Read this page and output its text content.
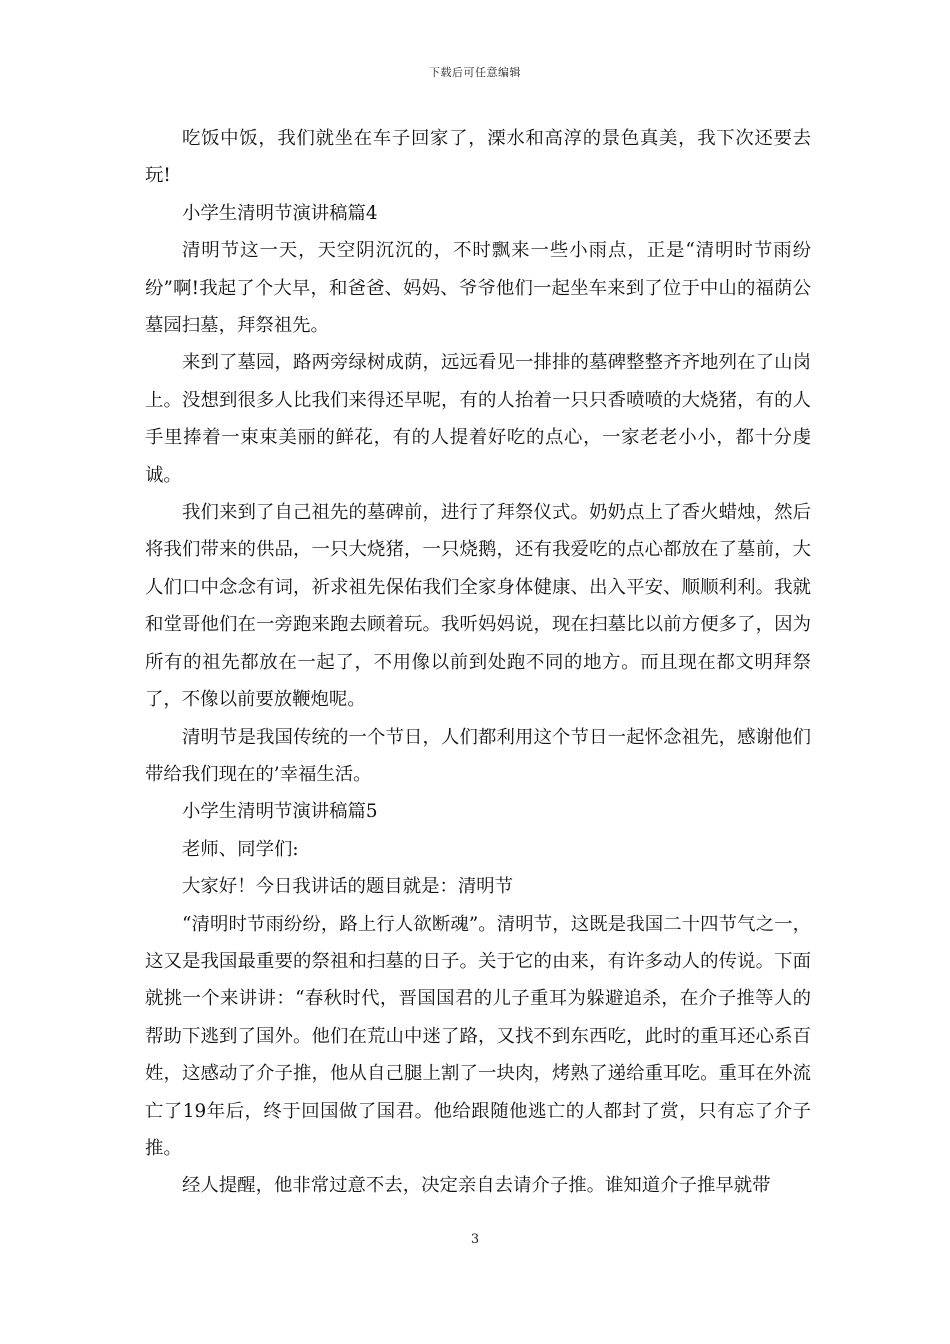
下载后可任意编辑

吃饭中饭，我们就坐在车子回家了，溧水和高淳的景色真美，我下次还要去玩!

小学生清明节演讲稿篇4

清明节这一天，天空阴沉沉的，不时飘来一些小雨点，正是“清明时节雨纷纷”啊!我起了个大早，和爸爸、妈妈、爷爷他们一起坐车来到了位于中山的福荫公墓园扫墓，拜祭祖先。

来到了墓园，路两旁绿树成荫，远远看见一排排的墓碑整整齐齐地列在了山岗上。没想到很多人比我们来得还早呢，有的人抬着一只只香喷喷的大烧猪，有的人手里捧着一束束美丽的鲜花，有的人提着好吃的点心，一家老老小小，都十分虔诚。

我们来到了自己祖先的墓碑前，进行了拜祭仪式。奶奶点上了香火蜡烛，然后将我们带来的供品，一只大烧猪，一只烧鹅，还有我爱吃的点心都放在了墓前，大人们口中念念有词，祈求祖先保佑我们全家身体健康、出入平安、顺顺利利。我就和堂哥他们在一旁跑来跑去顾着玩。我听妈妈说，现在扫墓比以前方便多了，因为所有的祖先都放在一起了，不用像以前到处跑不同的地方。而且现在都文明拜祭了，不像以前要放鞭炮呢。

清明节是我国传统的一个节日，人们都利用这个节日一起怀念祖先，感谢他们带给我们现在的’幸福生活。

小学生清明节演讲稿篇5

老师、同学们:

大家好！今日我讲话的题目就是：清明节

“清明时节雨纷纷，路上行人欲断魂”。清明节，这既是我国二十四节气之一，这又是我国最重要的祭祖和扫墓的日子。关于它的由来，有许多动人的传说。下面就挑一个来讲讲：“春秋时代，晋国国君的儿子重耳为躲避追杀，在介子推等人的帮助下逃到了国外。他们在荒山中迷了路，又找不到东西吃，此时的重耳还心系百姓，这感动了介子推，他从自己腿上割了一块肉，烤熟了递给重耳吃。重耳在外流亡了19年后，终于回国做了国君。他给跟随他逃亡的人都封了赏，只有忘了介子推。

经人提醒，他非常过意不去，决定亲自去请介子推。谁知道介子推早就带

3
